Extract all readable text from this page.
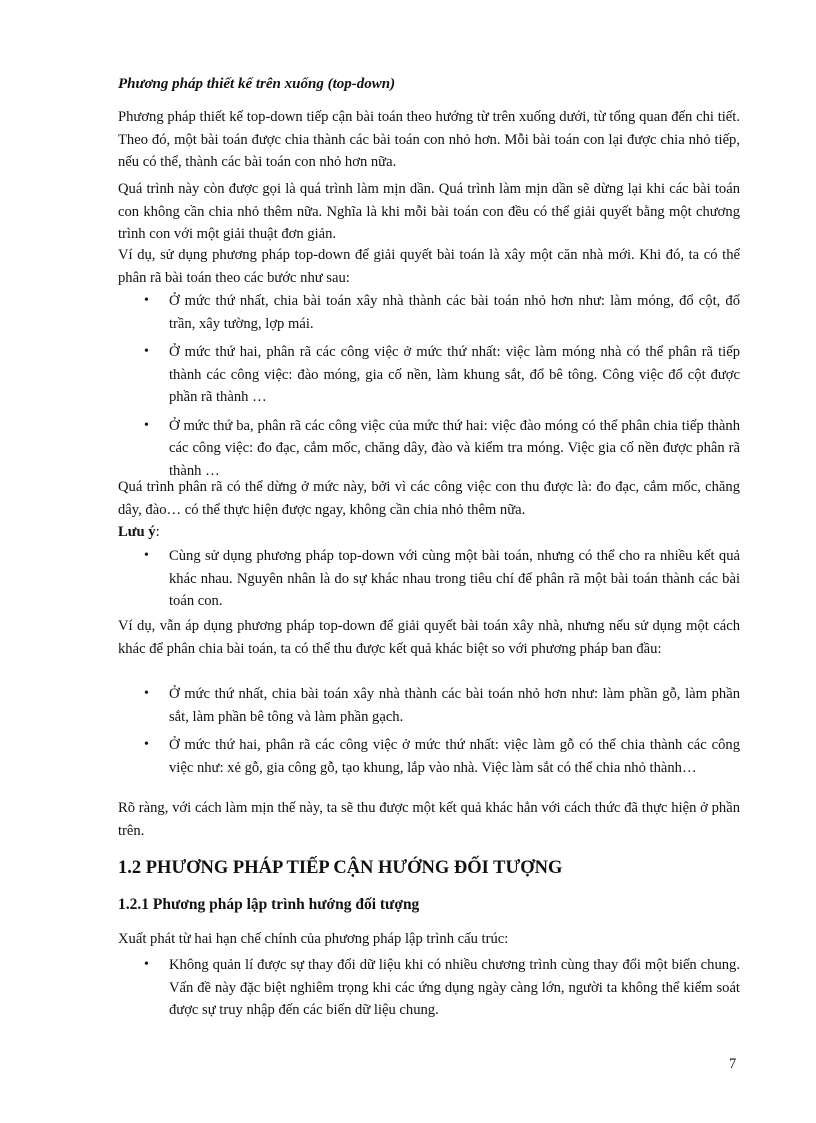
Phương pháp thiết kế trên xuống (top-down)

Phương pháp thiết kế top-down tiếp cận bài toán theo hướng từ trên xuống dưới, từ tổng quan đến chi tiết. Theo đó, một bài toán được chia thành các bài toán con nhỏ hơn. Mỗi bài toán con lại được chia nhỏ tiếp, nếu có thể, thành các bài toán con nhỏ hơn nữa.

Quá trình này còn được gọi là quá trình làm mịn dần. Quá trình làm mịn dần sẽ dừng lại khi các bài toán con không cần chia nhỏ thêm nữa. Nghĩa là khi mỗi bài toán con đều có thể giải quyết bằng một chương trình con với một giải thuật đơn giản.

Ví dụ, sử dụng phương pháp top-down để giải quyết bài toán là xây một căn nhà mới. Khi đó, ta có thể phân rã bài toán theo các bước như sau:

• Ở mức thứ nhất, chia bài toán xây nhà thành các bài toán nhỏ hơn như: làm móng, đổ cột, đổ trần, xây tường, lợp mái.
• Ở mức thứ hai, phân rã các công việc ở mức thứ nhất: việc làm móng nhà có thể phân rã tiếp thành các công việc: đào móng, gia cố nền, làm khung sắt, đổ bê tông. Công việc đổ cột được phần rã thành …
• Ở mức thứ ba, phân rã các công việc của mức thứ hai: việc đào móng có thể phân chia tiếp thành các công việc: đo đạc, cắm mốc, chăng dây, đào và kiểm tra móng. Việc gia cố nền được phân rã thành …

Quá trình phân rã có thể dừng ở mức này, bởi vì các công việc con thu được là: đo đạc, cắm mốc, chăng dây, đào… có thể thực hiện được ngay, không cần chia nhỏ thêm nữa.

Lưu ý:

• Cùng sử dụng phương pháp top-down với cùng một bài toán, nhưng có thể cho ra nhiều kết quả khác nhau. Nguyên nhân là do sự khác nhau trong tiêu chí để phân rã một bài toán thành các bài toán con.

Ví dụ, vẫn áp dụng phương pháp top-down để giải quyết bài toán xây nhà, nhưng nếu sử dụng một cách khác để phân chia bài toán, ta có thể thu được kết quả khác biệt so với phương pháp ban đầu:

• Ở mức thứ nhất, chia bài toán xây nhà thành các bài toán nhỏ hơn như: làm phần gỗ, làm phần sắt, làm phần bê tông và làm phần gạch.
• Ở mức thứ hai, phân rã các công việc ở mức thứ nhất: việc làm gỗ có thể chia thành các công việc như: xẻ gỗ, gia công gỗ, tạo khung, lắp vào nhà. Việc làm sắt có thể chia nhỏ thành…

Rõ ràng, với cách làm mịn thế này, ta sẽ thu được một kết quả khác hẳn với cách thức đã thực hiện ở phần trên.

1.2 PHƯƠNG PHÁP TIẾP CẬN HƯỚNG ĐỐI TƯỢNG
1.2.1 Phương pháp lập trình hướng đối tượng

Xuất phát từ hai hạn chế chính của phương pháp lập trình cấu trúc:

• Không quản lí được sự thay đổi dữ liệu khi có nhiều chương trình cùng thay đổi một biến chung. Vấn đề này đặc biệt nghiêm trọng khi các ứng dụng ngày càng lớn, người ta không thể kiểm soát được sự truy nhập đến các biến dữ liệu chung.
7
